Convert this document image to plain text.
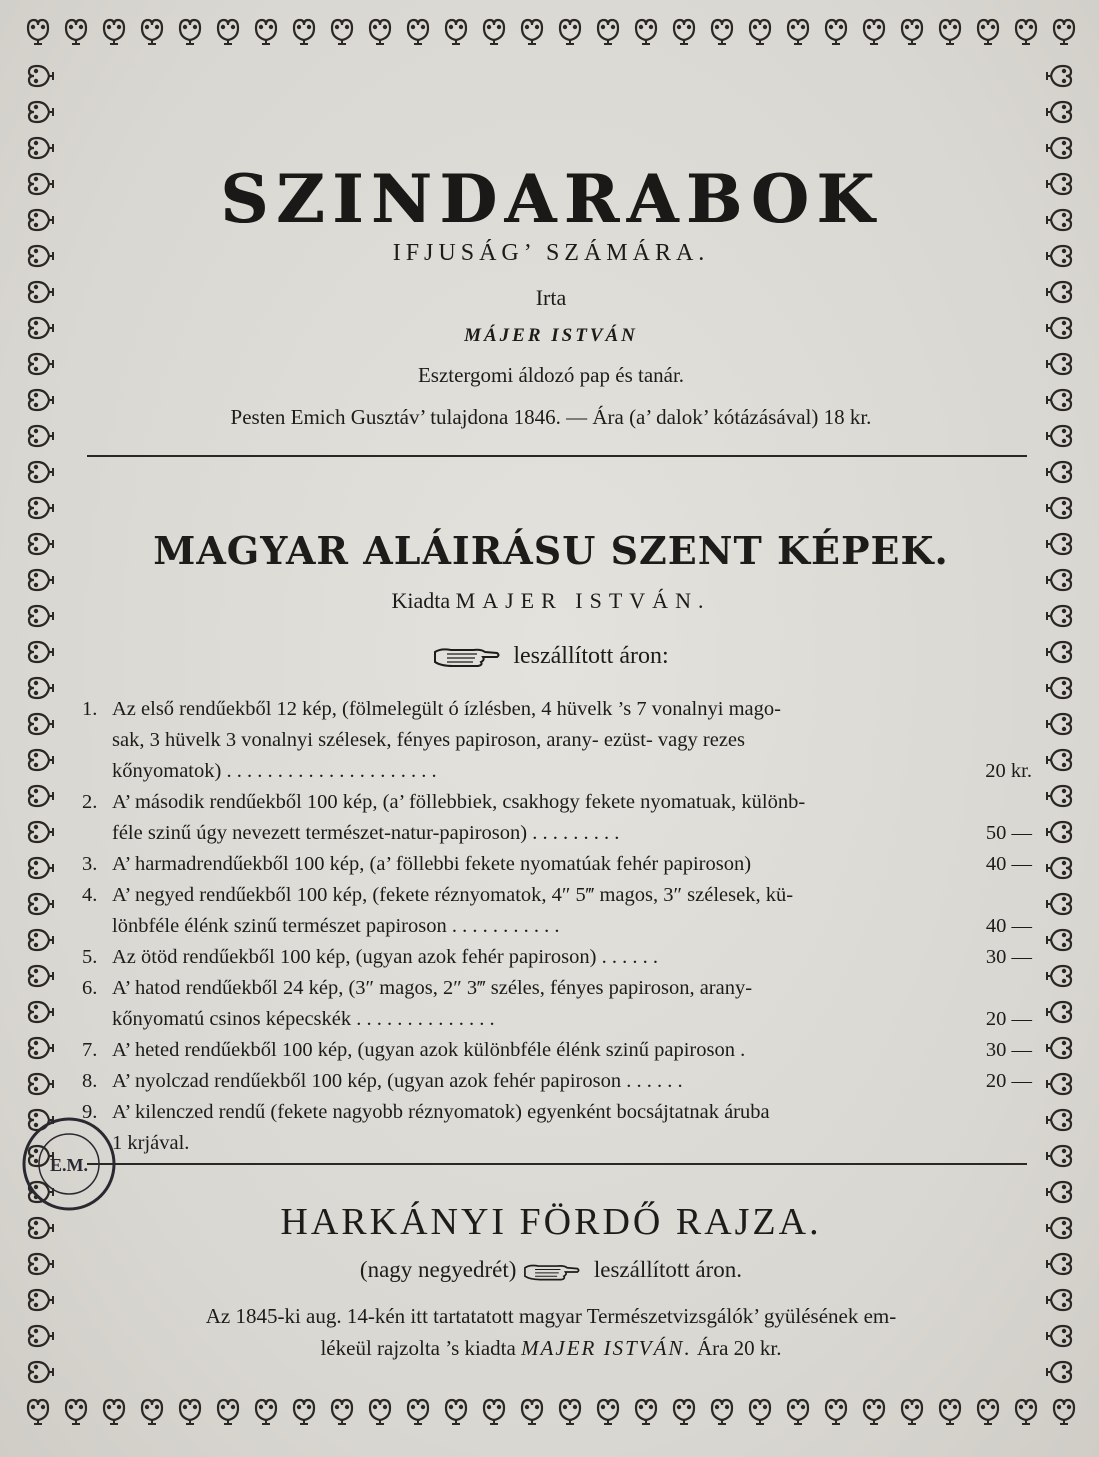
SZINDARABOK
IFJUSÁG’ SZÁMÁRA.
Irta
MÁJER ISTVÁN
Esztergomi áldozó pap és tanár.
Pesten Emich Gusztáv’ tulajdona 1846. — Ára (a’ dalok’ kótázásával) 18 kr.
MAGYAR ALÁIRÁSU SZENT KÉPEK.
Kiadta MAJER ISTVÁN.
leszállított áron:
1. Az első rendűekből 12 kép, (fölmelegült ó ízlésben, 4 hüvelk ’s 7 vonalnyi mago-
sak, 3 hüvelk 3 vonalnyi szélesek, fényes papiroson, arany- ezüst- vagy rezes
kőnyomatok) . . . . . . . . . . . . . . . . . . . . .	20 kr.
2. A’ második rendűekből 100 kép, (a’ föllebbiek, csakhogy fekete nyomatuak, különb-
féle szinű úgy nevezett természet-natur-papiroson) . . . . . . . . .	50 —
3. A’ harmadrendűekből 100 kép, (a’ föllebbi fekete nyomatúak fehér papiroson)	40 —
4. A’ negyed rendűekből 100 kép, (fekete réznyomatok, 4″ 5‴ magos, 3″ szélesek, kü-
lönbféle élénk szinű természet papiroson . . . . . . . . . . .	40 —
5. Az ötöd rendűekből 100 kép, (ugyan azok fehér papiroson) . . . . . .	30 —
6. A’ hatod rendűekből 24 kép, (3″ magos, 2″ 3‴ széles, fényes papiroson, aranу-
kőnyomatú csinos képecskék . . . . . . . . . . . . . .	20 —
7. A’ heted rendűekből 100 kép, (ugyan azok különbféle élénk szinű papiroson .	30 —
8. A’ nyolczad rendűekből 100 kép, (ugyan azok fehér papiroson . . . . . .	20 —
9. A’ kilenczed rendű (fekete nagyobb réznyomatok) egyenként bocsájtatnak áruba
1 krjával.
HARKÁNYI FÖRDŐ RAJZA.
(nagy negyedrét)	leszállított áron.
Az 1845-ki aug. 14-kén itt tartatatott magyar Természetvizsgálók’ gyülésének em-
lékeül rajzolta ’s kiadta MAJER ISTVÁN. Ára 20 kr.
E.M.
